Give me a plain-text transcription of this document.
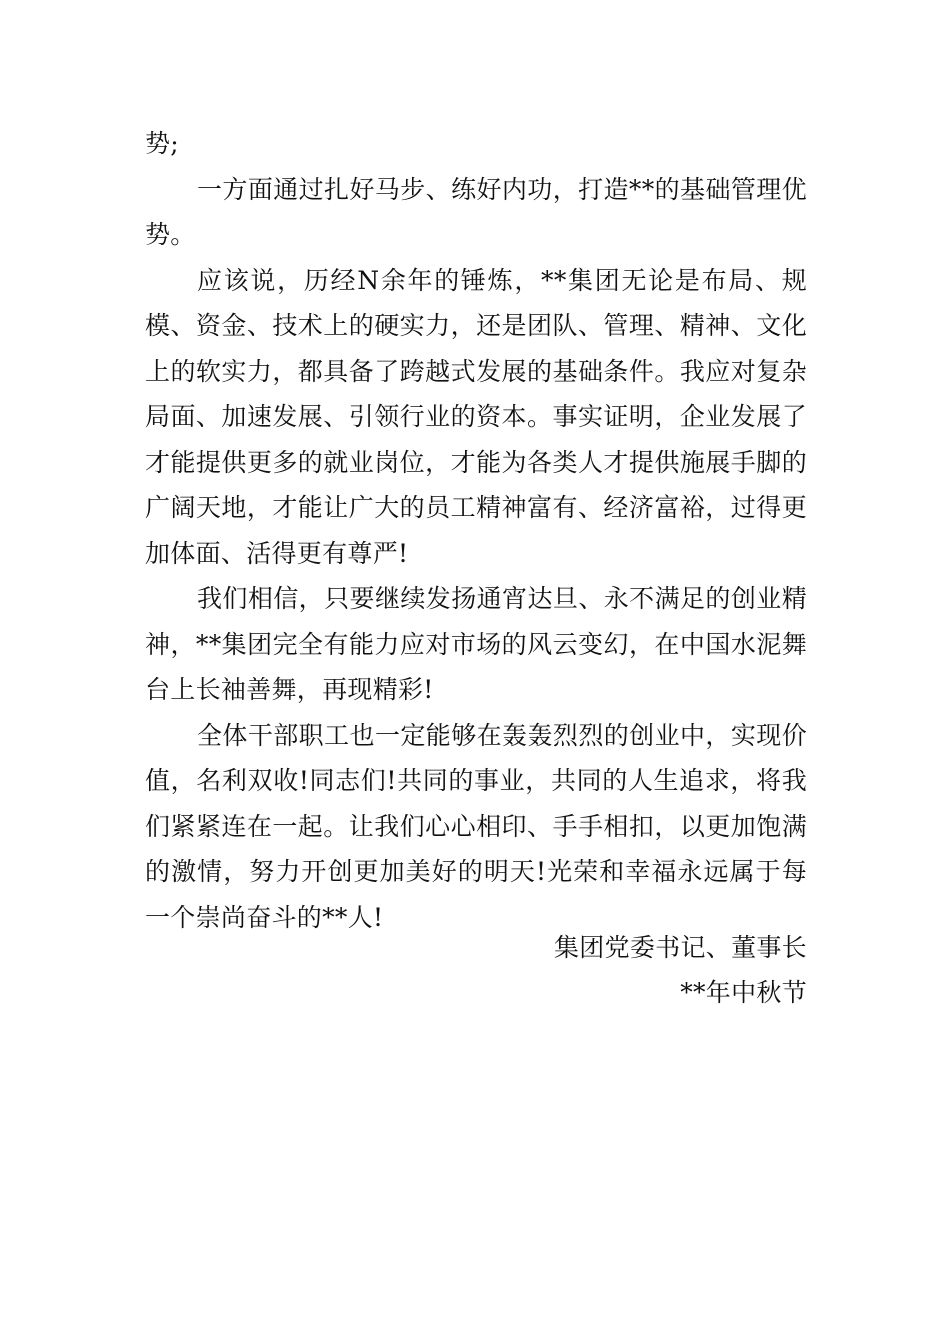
势;

一方面通过扎好马步、练好内功，打造**的基础管理优势。

应该说，历经N余年的锤炼，**集团无论是布局、规模、资金、技术上的硬实力，还是团队、管理、精神、文化上的软实力，都具备了跨越式发展的基础条件。我应对复杂局面、加速发展、引领行业的资本。事实证明，企业发展了才能提供更多的就业岗位，才能为各类人才提供施展手脚的广阔天地，才能让广大的员工精神富有、经济富裕，过得更加体面、活得更有尊严!

我们相信，只要继续发扬通宵达旦、永不满足的创业精神，**集团完全有能力应对市场的风云变幻，在中国水泥舞台上长袖善舞，再现精彩!

全体干部职工也一定能够在轰轰烈烈的创业中，实现价值，名利双收!同志们!共同的事业，共同的人生追求，将我们紧紧连在一起。让我们心心相印、手手相扣，以更加饱满的激情，努力开创更加美好的明天!光荣和幸福永远属于每一个崇尚奋斗的**人!

集团党委书记、董事长
**年中秋节
